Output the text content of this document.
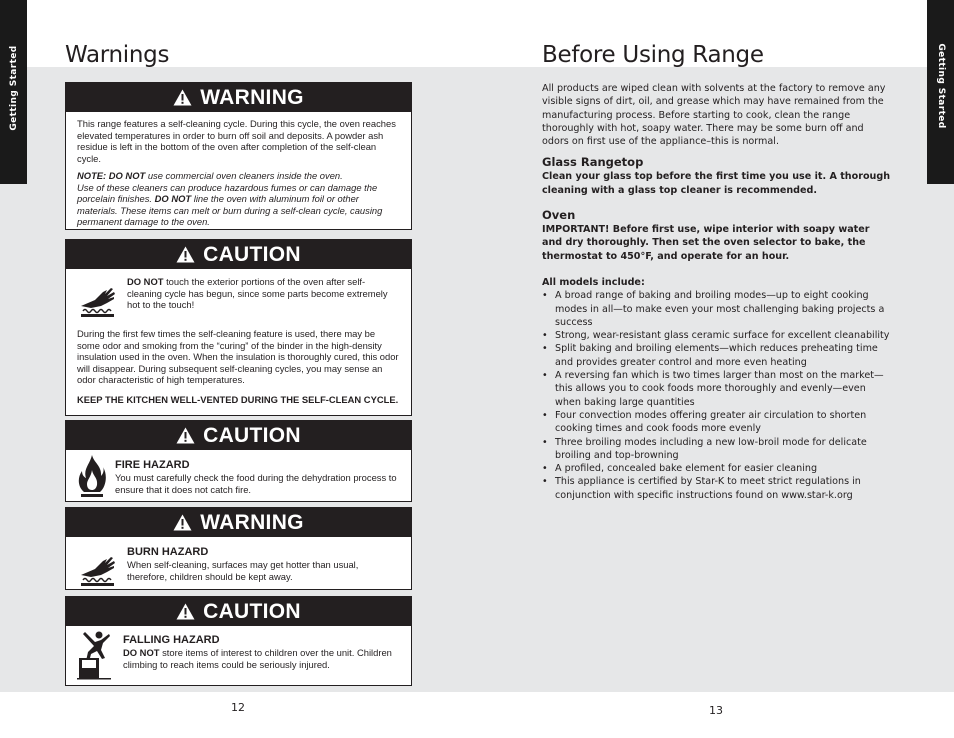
Getting Started	Getting Started
Warnings
WARNING

This range features a self-cleaning cycle. During this cycle, the oven reaches elevated temperatures in order to burn off soil and deposits. A powder ash residue is left in the bottom of the oven after completion of the self-clean cycle.

NOTE: DO NOT use commercial oven cleaners inside the oven.
Use of these cleaners can produce hazardous fumes or can damage the porcelain finishes. DO NOT line the oven with aluminum foil or other materials. These items can melt or burn during a self-clean cycle, causing permanent damage to the oven.

CAUTION
DO NOT touch the exterior portions of the oven after self-cleaning cycle has begun, since some parts become extremely hot to the touch!

During the first few times the self-cleaning feature is used, there may be some odor and smoking from the “curing” of the binder in the high-density insulation used in the oven. When the insulation is thoroughly cured, this odor will disappear. During subsequent self-cleaning cycles, you may sense an odor characteristic of high temperatures.

KEEP THE KITCHEN WELL-VENTED DURING THE SELF-CLEAN CYCLE.

CAUTION
FIRE HAZARD
You must carefully check the food during the dehydration process to ensure that it does not catch fire.
WARNING
BURN HAZARD
When self-cleaning, surfaces may get hotter than usual, therefore, children should be kept away.
CAUTION
FALLING HAZARD
DO NOT store items of interest to children over the unit. Children climbing to reach items could be seriously injured.
12
Before Using Range

All products are wiped clean with solvents at the factory to remove any visible signs of dirt, oil, and grease which may have remained from the manufacturing process. Before starting to cook, clean the range thoroughly with hot, soapy water. There may be some burn off and odors on first use of the appliance–this is normal.

Glass Rangetop

Clean your glass top before the first time you use it. A thorough cleaning with a glass top cleaner is recommended.

Oven

IMPORTANT! Before first use, wipe interior with soapy water and dry thoroughly. Then set the oven selector to bake, the thermostat to 450°F, and operate for an hour.

All models include:

• A broad range of baking and broiling modes—up to eight cooking modes in all—to make even your most challenging baking projects a success
• Strong, wear-resistant glass ceramic surface for excellent cleanability
• Split baking and broiling elements—which reduces preheating time and provides greater control and more even heating
• A reversing fan which is two times larger than most on the market—this allows you to cook foods more thoroughly and evenly—even when baking large quantities
• Four convection modes offering greater air circulation to shorten cooking times and cook foods more evenly
• Three broiling modes including a new low-broil mode for delicate broiling and top-browning
• A profiled, concealed bake element for easier cleaning
• This appliance is certified by Star-K to meet strict regulations in conjunction with specific instructions found on www.star-k.org
13
